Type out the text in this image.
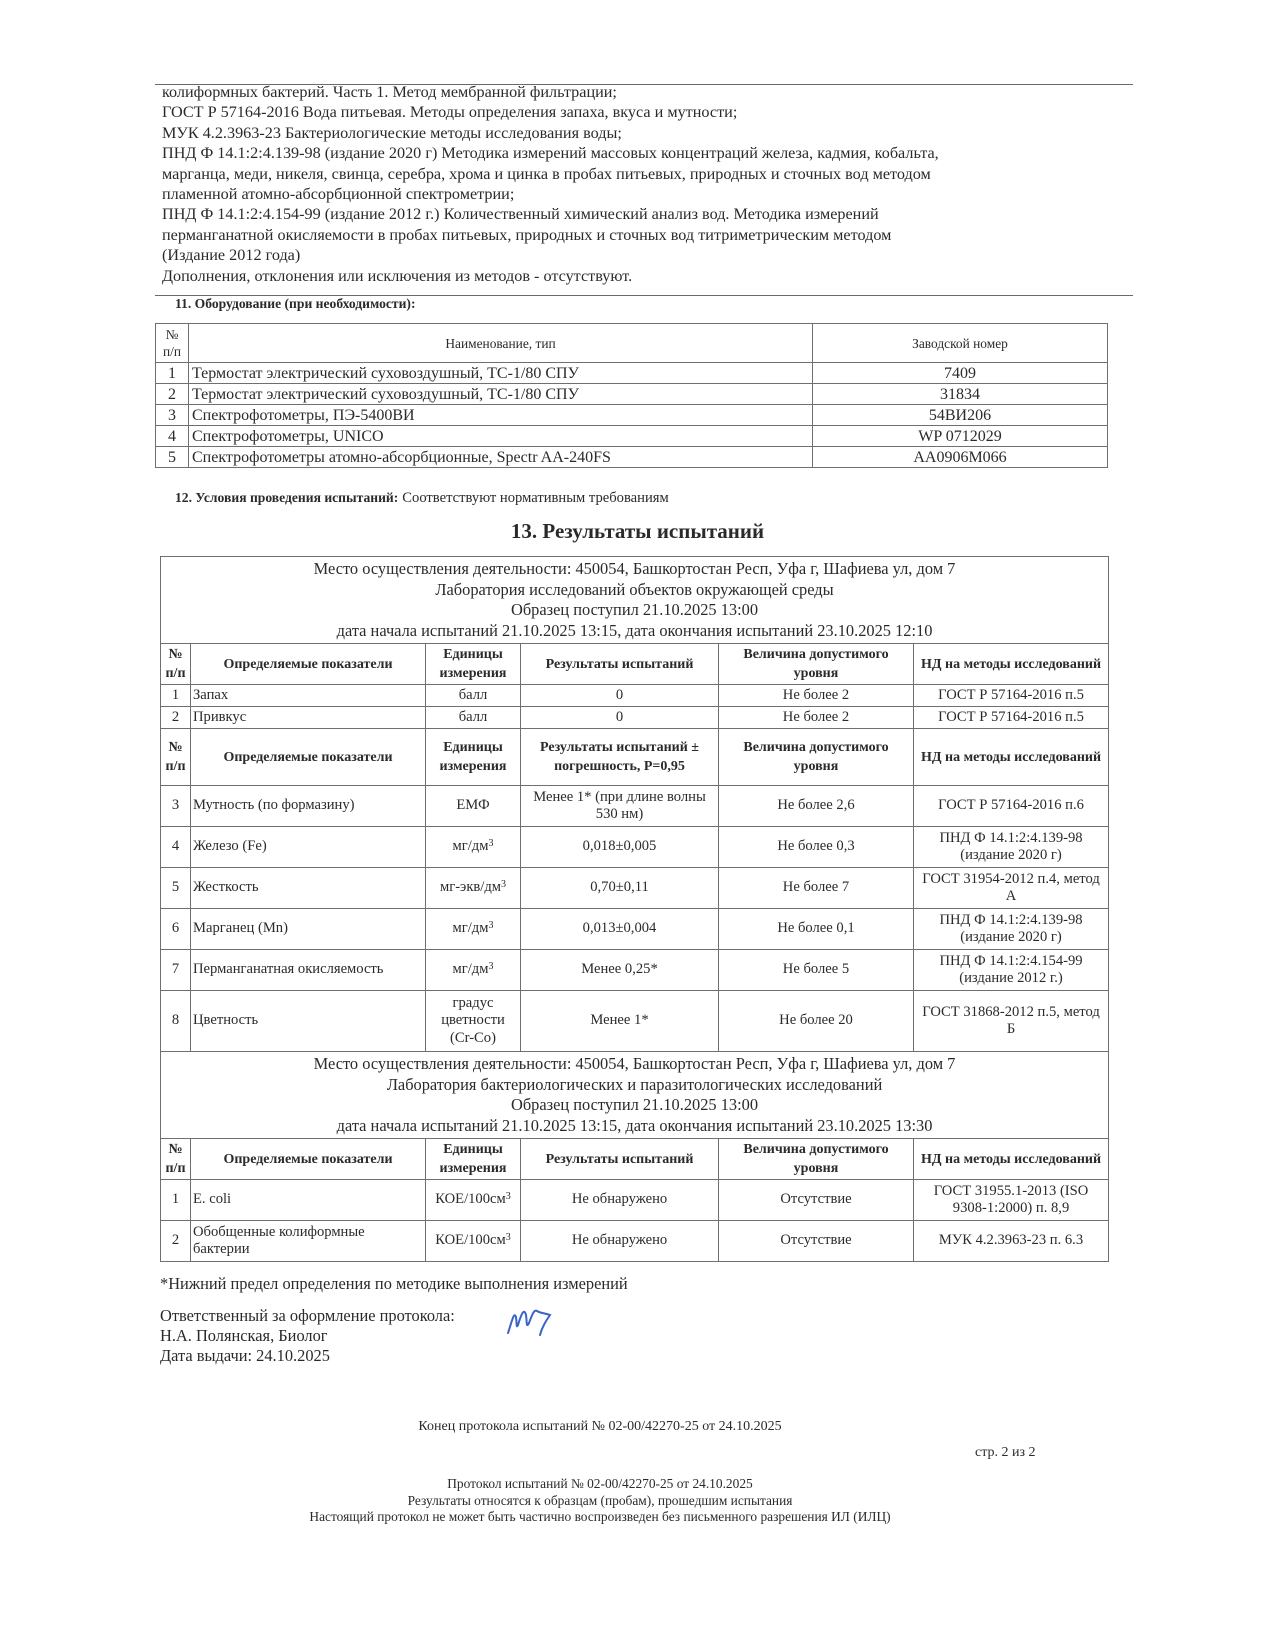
колиформных бактерий. Часть 1. Метод мембранной фильтрации;
ГОСТ Р 57164-2016 Вода питьевая. Методы определения запаха, вкуса и мутности;
МУК 4.2.3963-23 Бактериологические методы исследования воды;
ПНД Ф 14.1:2:4.139-98 (издание 2020 г) Методика измерений массовых концентраций железа, кадмия, кобальта,
марганца, меди, никеля, свинца, серебра, хрома и цинка в пробах питьевых, природных и сточных вод методом
пламенной атомно-абсорбционной спектрометрии;
ПНД Ф 14.1:2:4.154-99 (издание 2012 г.) Количественный химический анализ вод. Методика измерений
перманганатной окисляемости в пробах питьевых, природных и сточных вод титриметрическим методом
(Издание 2012 года)
Дополнения, отклонения или исключения из методов - отсутствуют.
11. Оборудование (при необходимости):
№ п/п	Наименование, тип	Заводской номер
1	Термостат электрический суховоздушный, ТС-1/80 СПУ	7409
2	Термостат электрический суховоздушный, ТС-1/80 СПУ	31834
3	Спектрофотометры, ПЭ-5400ВИ	54ВИ206
4	Спектрофотометры, UNICO	WP 0712029
5	Спектрофотометры атомно-абсорбционные, Spectr AA-240FS	AA0906M066
12. Условия проведения испытаний: Соответствуют нормативным требованиям
13. Результаты испытаний
Место осуществления деятельности: 450054, Башкортостан Респ, Уфа г, Шафиева ул, дом 7
Лаборатория исследований объектов окружающей среды
Образец поступил 21.10.2025 13:00
дата начала испытаний 21.10.2025 13:15, дата окончания испытаний 23.10.2025 12:10					

№ п/п	Определяемые показатели	Единицы измерения	Результаты испытаний	Величина допустимого уровня	НД на методы исследований
1	Запах	балл	0	Не более 2	ГОСТ Р 57164-2016 п.5
2	Привкус	балл	0	Не более 2	ГОСТ Р 57164-2016 п.5
№ п/п	Определяемые показатели	Единицы измерения	Результаты испытаний ± погрешность, P=0,95	Величина допустимого уровня	НД на методы исследований
3	Мутность (по формазину)	ЕМФ	Менее 1* (при длине волны 530 нм)	Не более 2,6	ГОСТ Р 57164-2016 п.6
4	Железо (Fe)	$мг/дм^3$	0,018±0,005	Не более 0,3	ПНД Ф 14.1:2:4.139-98 (издание 2020 г)
5	Жесткость	$мг-экв/дм^3$	0,70±0,11	Не более 7	ГОСТ 31954-2012 п.4, метод А
6	Марганец (Mn)	$мг/дм^3$	0,013±0,004	Не более 0,1	ПНД Ф 14.1:2:4.139-98 (издание 2020 г)
7	Перманганатная окисляемость	$мг/дм^3$	Менее 0,25*	Не более 5	ПНД Ф 14.1:2:4.154-99 (издание 2012 г.)
8	Цветность	градус цветности (Cr-Co)	Менее 1*	Не более 20	ГОСТ 31868-2012 п.5, метод Б

Место осуществления деятельности: 450054, Башкортостан Респ, Уфа г, Шафиева ул, дом 7
Лаборатория бактериологических и паразитологических исследований
Образец поступил 21.10.2025 13:00
дата начала испытаний 21.10.2025 13:15, дата окончания испытаний 23.10.2025 13:30					

№ п/п	Определяемые показатели	Единицы измерения	Результаты испытаний	Величина допустимого уровня	НД на методы исследований
1	E. coli	КОЕ/$100см^3$	Не обнаружено	Отсутствие	ГОСТ 31955.1-2013 (ISO 9308-1:2000) п. 8,9
2	Обобщенные колиформные бактерии	КОЕ/$100см^3$	Не обнаружено	Отсутствие	МУК 4.2.3963-23 п. 6.3
*Нижний предел определения по методике выполнения измерений
Ответственный за оформление протокола:
Н.А. Полянская, Биолог
Дата выдачи: 24.10.2025
Конец протокола испытаний № 02-00/42270-25 от 24.10.2025
стр. 2 из 2
Протокол испытаний № 02-00/42270-25 от 24.10.2025
Результаты относятся к образцам (пробам), прошедшим испытания
Настоящий протокол не может быть частично воспроизведен без письменного разрешения ИЛ (ИЛЦ)
